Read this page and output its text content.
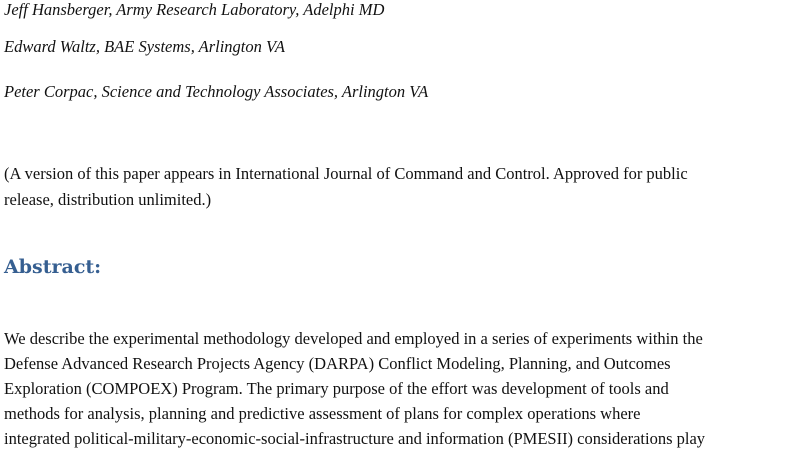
Jeff Hansberger, Army Research Laboratory, Adelphi MD
Edward Waltz, BAE Systems, Arlington VA
Peter Corpac, Science and Technology Associates, Arlington VA
(A version of this paper appears in International Journal of Command and Control. Approved for public
release, distribution unlimited.)
Abstract:
We describe the experimental methodology developed and employed in a series of experiments within the
Defense Advanced Research Projects Agency (DARPA) Conflict Modeling, Planning, and Outcomes
Exploration (COMPOEX) Program. The primary purpose of the effort was development of tools and
methods for analysis, planning and predictive assessment of plans for complex operations where
integrated political-military-economic-social-infrastructure and information (PMESII) considerations play
